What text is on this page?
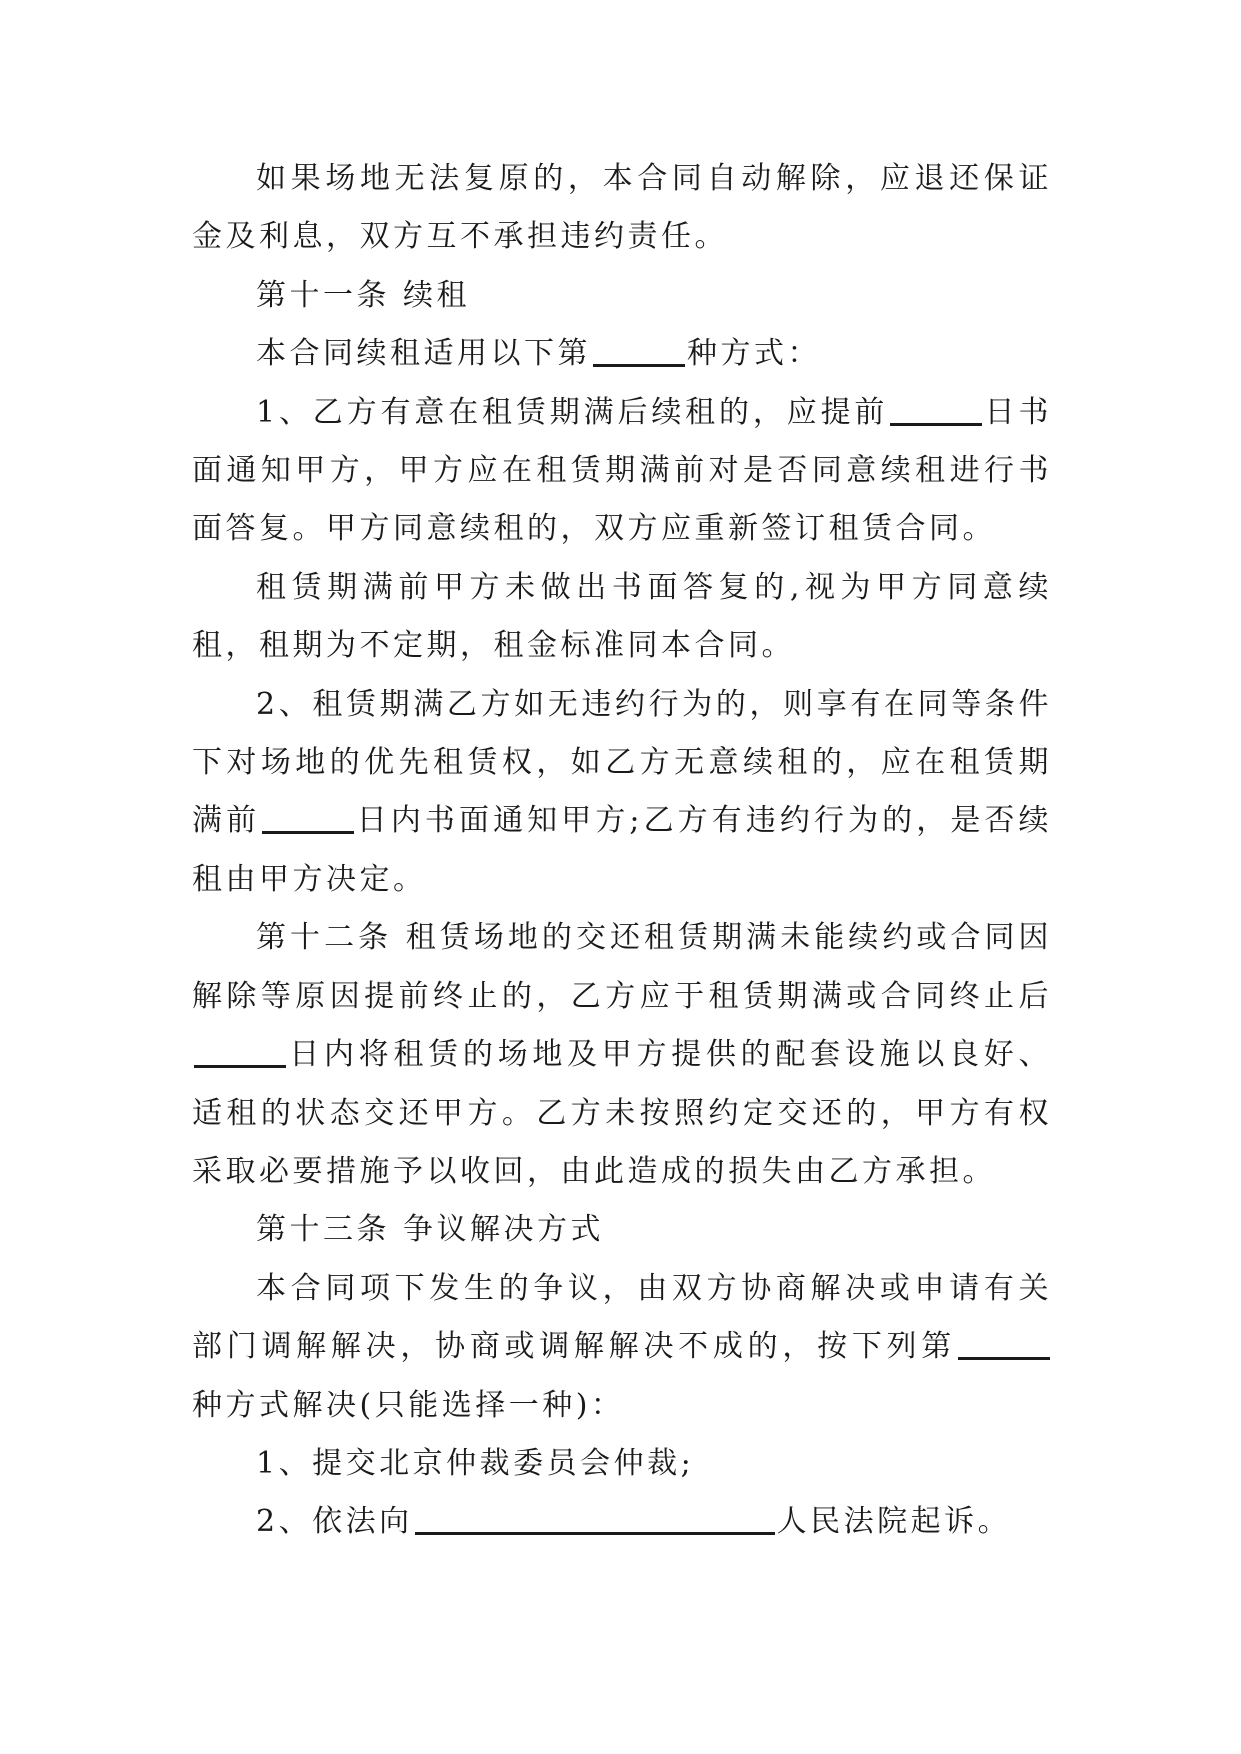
如果场地无法复原的，本合同自动解除，应退还保证金及利息，双方互不承担违约责任。

第十一条 续租

本合同续租适用以下第	种方式：

1、乙方有意在租赁期满后续租的，应提前	日书面通知甲方，甲方应在租赁期满前对是否同意续租进行书面答复。甲方同意续租的，双方应重新签订租赁合同。

租赁期满前甲方未做出书面答复的,视为甲方同意续租，租期为不定期，租金标准同本合同。

2、租赁期满乙方如无违约行为的，则享有在同等条件下对场地的优先租赁权，如乙方无意续租的，应在租赁期满前	日内书面通知甲方;乙方有违约行为的，是否续租由甲方决定。

第十二条 租赁场地的交还租赁期满未能续约或合同因解除等原因提前终止的，乙方应于租赁期满或合同终止后日内将租赁的场地及甲方提供的配套设施以良好、适租的状态交还甲方。乙方未按照约定交还的，甲方有权采取必要措施予以收回，由此造成的损失由乙方承担。

第十三条 争议解决方式

本合同项下发生的争议，由双方协商解决或申请有关部门调解解决，协商或调解解决不成的，按下列第种方式解决(只能选择一种)：

1、提交北京仲裁委员会仲裁;

2、依法向	人民法院起诉。
